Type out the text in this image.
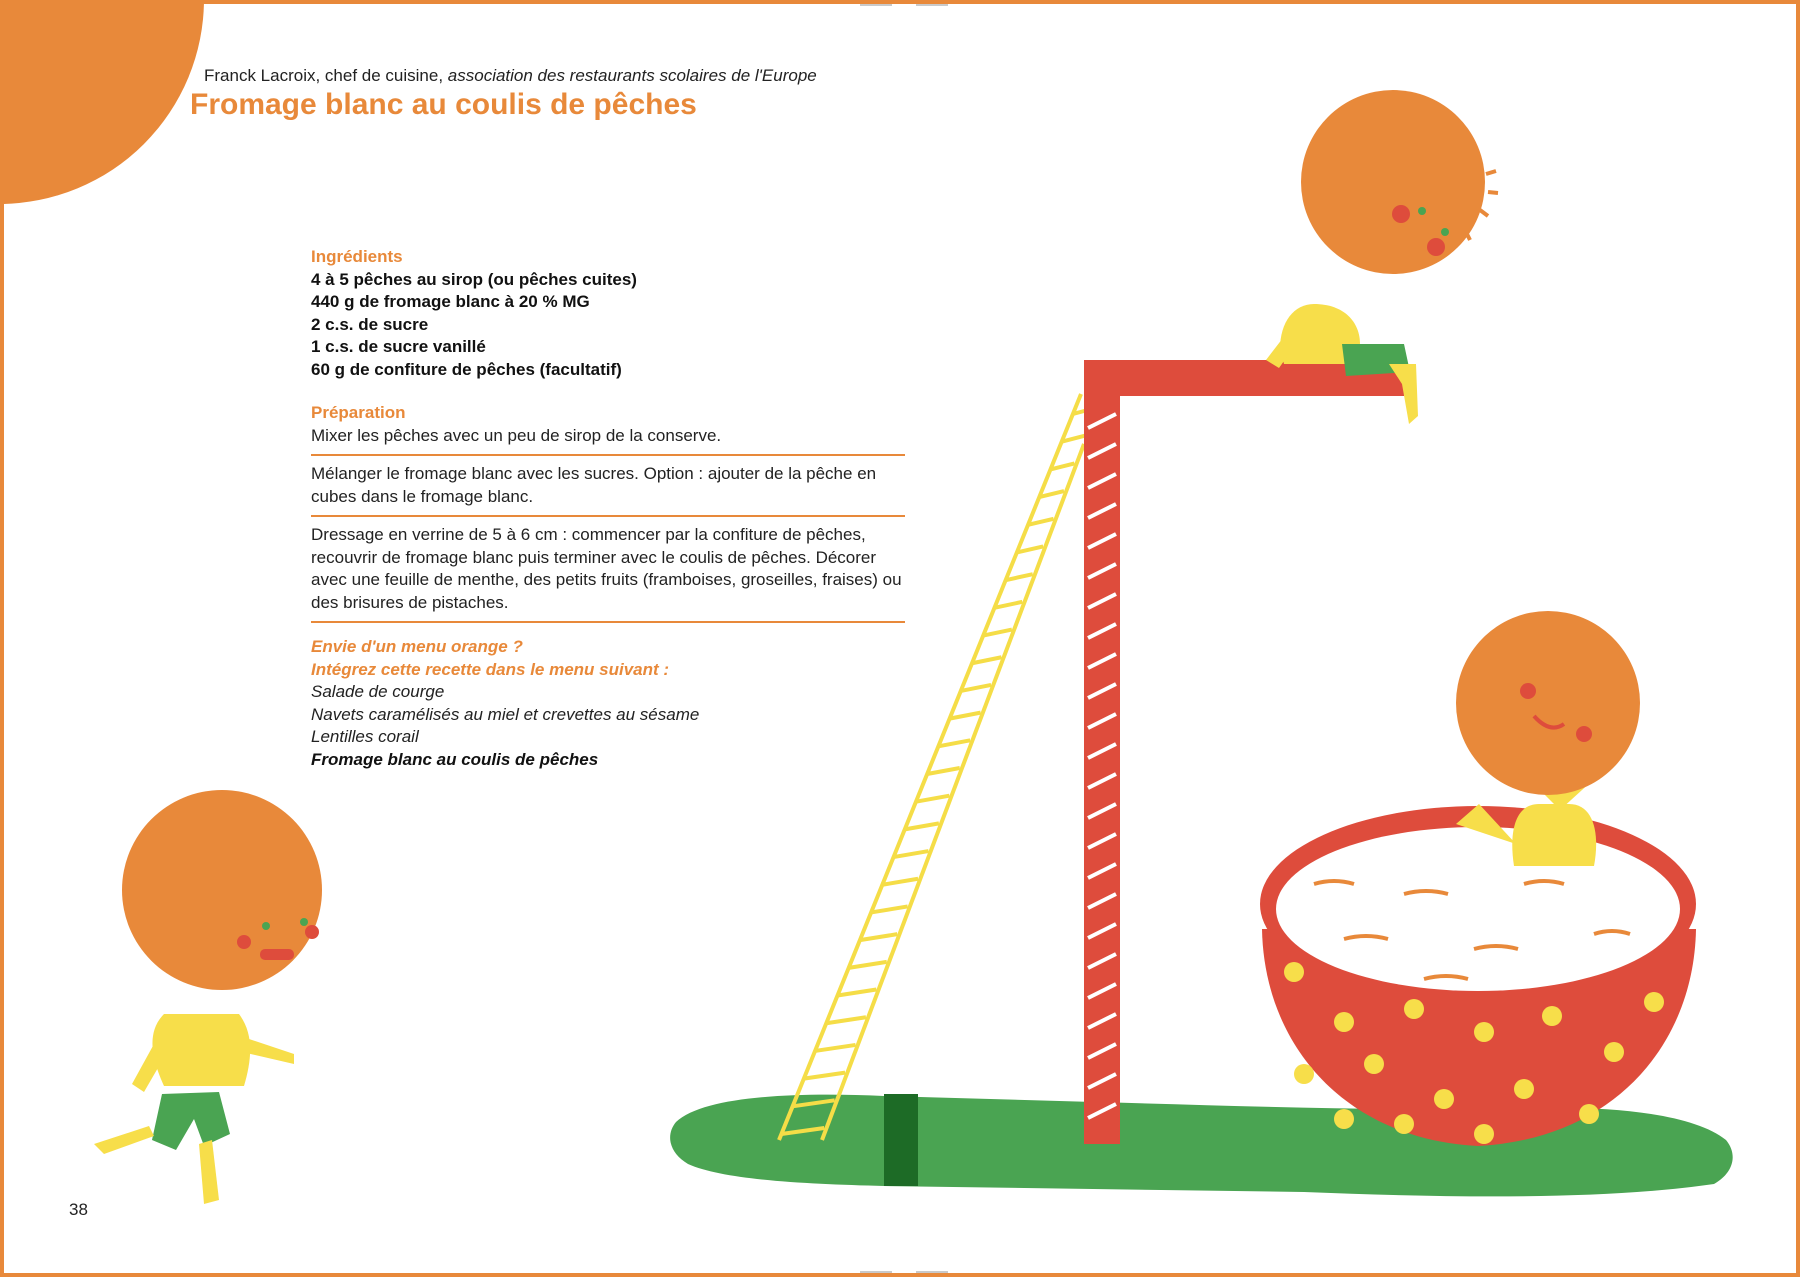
Franck Lacroix, chef de cuisine, association des restaurants scolaires de l'Europe
Fromage blanc au coulis de pêches
Ingrédients
4 à 5 pêches au sirop (ou pêches cuites)
440 g de fromage blanc à 20 % MG
2 c.s. de sucre
1 c.s. de sucre vanillé
60 g de confiture de pêches (facultatif)
Préparation
Mixer les pêches avec un peu de sirop de la conserve.
Mélanger le fromage blanc avec les sucres. Option : ajouter de la pêche en cubes dans le fromage blanc.
Dressage en verrine de 5 à 6 cm : commencer par la confiture de pêches, recouvrir de fromage blanc puis terminer avec le coulis de pêches. Décorer avec une feuille de menthe, des petits fruits (framboises, groseilles, fraises) ou des brisures de pistaches.
Envie d'un menu orange ?
Intégrez cette recette dans le menu suivant :
Salade de courge
Navets caramélisés au miel et crevettes au sésame
Lentilles corail
Fromage blanc au coulis de pêches
38
